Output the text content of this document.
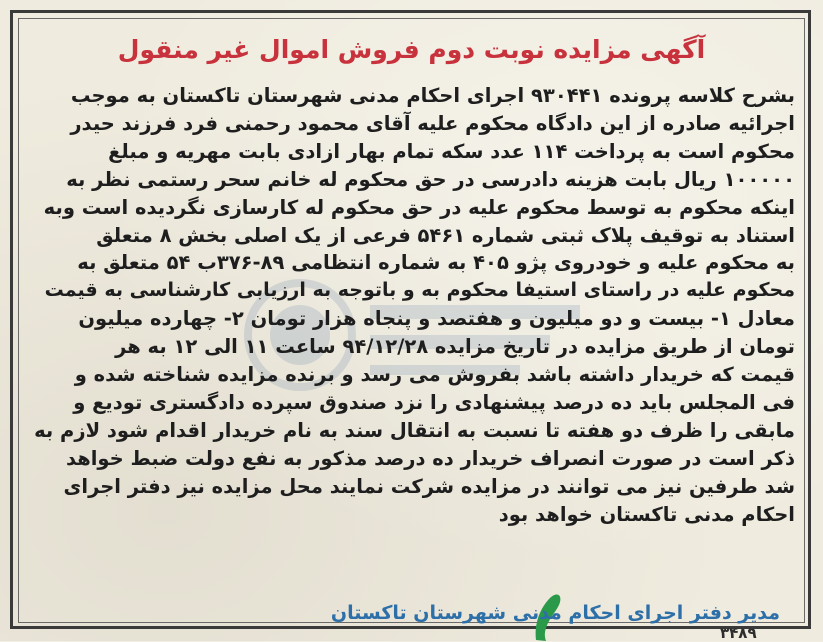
آگهی مزایده نوبت دوم فروش اموال غیر منقول
بشرح کلاسه پرونده ۹۳۰۴۴۱ اجرای احکام مدنی شهرستان تاکستان به موجب
اجرائیه صادره از این دادگاه محکوم علیه آقای محمود رحمنی فرد فرزند حیدر
محکوم است به پرداخت ۱۱۴ عدد سکه تمام بهار ازادی بابت مهریه و مبلغ
۱۰۰۰۰۰ ریال بابت هزینه دادرسی در حق محکوم له خانم سحر رستمی نظر به
اینکه محکوم به توسط محکوم علیه در حق محکوم له کارسازی نگردیده است وبه
استناد به توقیف پلاک ثبتی شماره ۵۴۶۱ فرعی از یک اصلی بخش ۸ متعلق
به محکوم علیه و خودروی پژو ۴۰۵ به شماره انتظامی ۸۹-۳۷۶ب ۵۴ متعلق به
محکوم علیه در راستای استیفا محکوم به و باتوجه به ارزیابی کارشناسی به قیمت
معادل ۱- بیست و دو میلیون و هفتصد و پنجاه هزار تومان ۲- چهارده میلیون
تومان از طریق مزایده در تاریخ مزایده ۹۴/۱۲/۲۸ ساعت ۱۱ الی ۱۲ به هر
قیمت که خریدار داشته باشد بفروش می رسد و برنده مزایده شناخته شده و
فی المجلس باید ده درصد پیشنهادی را نزد صندوق سپرده دادگستری تودیع و
مابقی را ظرف دو هفته تا نسبت به انتقال سند به نام خریدار اقدام شود لازم به
ذکر است در صورت انصراف خریدار ده درصد مذکور به نفع دولت ضبط خواهد
شد طرفین نیز می توانند در مزایده شرکت نمایند محل مزایده نیز دفتر اجرای
احکام مدنی تاکستان خواهد بود
مدیر دفتر اجرای احکام مدنی شهرستان تاکستان
۳۴۸۹
